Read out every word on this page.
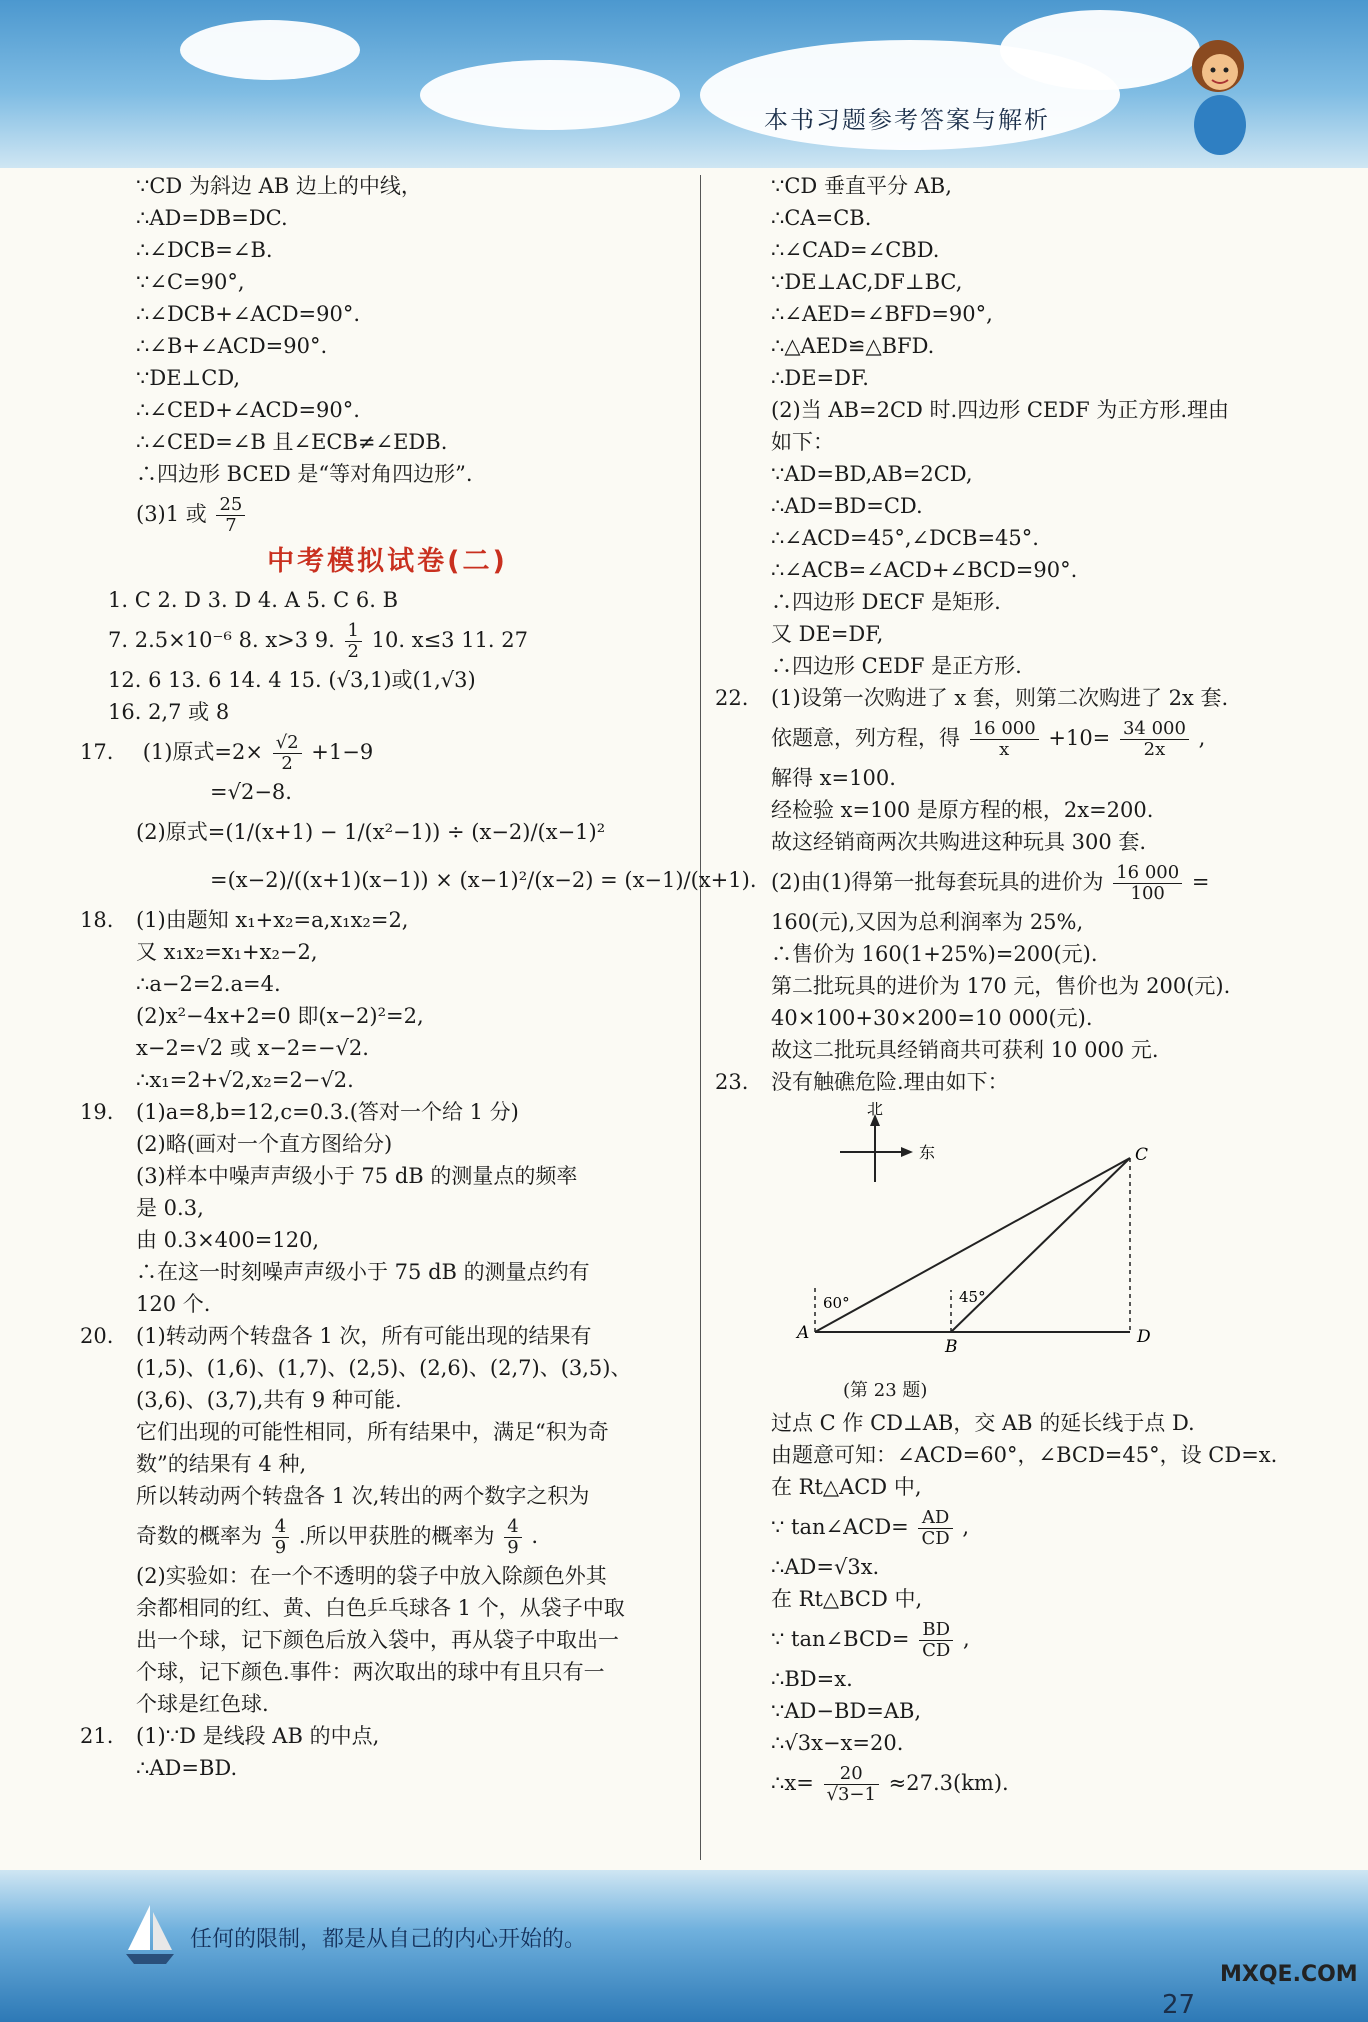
本书习题参考答案与解析
∵CD 为斜边 AB 边上的中线，
∴AD=DB=DC.
∴∠DCB=∠B.
∵∠C=90°,
∴∠DCB+∠ACD=90°.
∴∠B+∠ACD=90°.
∵DE⊥CD,
∴∠CED+∠ACD=90°.
∴∠CED=∠B 且∠ECB≠∠EDB.
∴四边形 BCED 是“等对角四边形”.
(3)1 或 $\frac{25}{7}$
中考模拟试卷(二)
1. C 2. D 3. D 4. A 5. C 6. B
7. 2.5×10⁻⁶ 8. x>3 9. $\frac{1}{2} 10$. x≤3 11. 27
12. 6 13. 6 14. 4 15. (√3,1)或(1,√3)
16. 2,7 或 8
17. (1)原式$=2\times \frac{√2}{2} +1-9$
=√2−8.
(2)原式=(1/(x+1) − 1/(x²−1)) ÷ (x−2)/(x−1)²
=(x−2)/((x+1)(x−1)) × (x−1)²/(x−2) = (x−1)/(x+1).
18. (1)由题知 x₁+x₂=a,x₁x₂=2,
又 x₁x₂=x₁+x₂−2,
∴a−2=2.a=4.
(2)x²−4x+2=0 即(x−2)²=2,
x−2=√2 或 x−2=−√2.
∴x₁=2+√2,x₂=2−√2.
19. (1)a=8,b=12,c=0.3.(答对一个给 1 分)
(2)略(画对一个直方图给分)
(3)样本中噪声声级小于 75 dB 的测量点的频率
是 0.3,
由 0.3×400=120,
∴在这一时刻噪声声级小于 75 dB 的测量点约有
120 个.
20. (1)转动两个转盘各 1 次，所有可能出现的结果有
(1,5)、(1,6)、(1,7)、(2,5)、(2,6)、(2,7)、(3,5)、
(3,6)、(3,7),共有 9 种可能.
它们出现的可能性相同，所有结果中，满足“积为奇
数”的结果有 4 种,
所以转动两个转盘各 1 次,转出的两个数字之积为
奇数的概率为 $\frac{4}{9}$ .所以甲获胜的概率为 $\frac{4}{9}$ .
(2)实验如：在一个不透明的袋子中放入除颜色外其
余都相同的红、黄、白色乒乓球各 1 个，从袋子中取
出一个球，记下颜色后放入袋中，再从袋子中取出一
个球，记下颜色.事件：两次取出的球中有且只有一
个球是红色球.
21. (1)∵D 是线段 AB 的中点,
∴AD=BD.
∵CD 垂直平分 AB,
∴CA=CB.
∴∠CAD=∠CBD.
∵DE⊥AC,DF⊥BC,
∴∠AED=∠BFD=90°,
∴△AED≌△BFD.
∴DE=DF.
(2)当 AB=2CD 时.四边形 CEDF 为正方形.理由
如下：
∵AD=BD,AB=2CD,
∴AD=BD=CD.
∴∠ACD=45°,∠DCB=45°.
∴∠ACB=∠ACD+∠BCD=90°.
∴四边形 DECF 是矩形.
又 DE=DF,
∴四边形 CEDF 是正方形.
22. (1)设第一次购进了 x 套，则第二次购进了 2x 套.
依题意，列方程，得 $\frac{16 000}{x} +10= \frac{34 000}{2x}$ ,
解得 x=100.
经检验 x=100 是原方程的根，2x=200.
故这经销商两次共购进这种玩具 300 套.
(2)由(1)得第一批每套玩具的进价为 $\frac{16 000}{100}$ =
160(元),又因为总利润率为 25%,
∴售价为 160(1+25%)=200(元).
第二批玩具的进价为 170 元，售价也为 200(元).
40×100+30×200=10 000(元).
故这二批玩具经销商共可获利 10 000 元.
23. 没有触礁危险.理由如下：
北
东
60°	45°
A
B
C
D
(第 23 题)
过点 C 作 CD⊥AB，交 AB 的延长线于点 D.
由题意可知：∠ACD=60°，∠BCD=45°，设 CD=x.
在 Rt△ACD 中,
∵ tan∠ACD= $\frac{AD}{CD}$ ,
∴AD=√3x.
在 Rt△BCD 中,
∵ tan∠BCD= $\frac{BD}{CD}$ ,
∴BD=x.
∵AD−BD=AB,
∴√3x−x=20.
∴x= $\frac{20}{√3-1} \approx 27.3(km)$.
任何的限制，都是从自己的内心开始的。
27
MXQE.COM
